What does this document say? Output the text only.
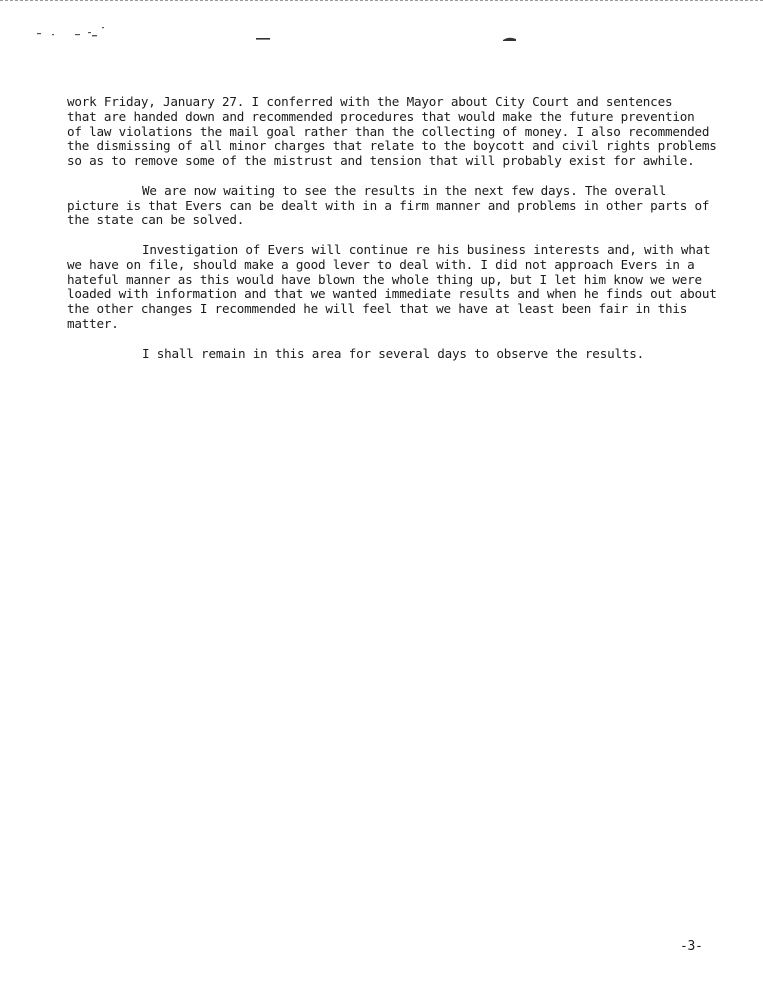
work Friday, January 27. I conferred with the Mayor about City Court and sentences
that are handed down and recommended procedures that would make the future prevention
of law violations the mail goal rather than the collecting of money. I also recommended
the dismissing of all minor charges that relate to the boycott and civil rights problems
so as to remove some of the mistrust and tension that will probably exist for awhile.

We are now waiting to see the results in the next few days. The overall
picture is that Evers can be dealt with in a firm manner and problems in other parts of
the state can be solved.

Investigation of Evers will continue re his business interests and, with what
we have on file, should make a good lever to deal with. I did not approach Evers in a
hateful manner as this would have blown the whole thing up, but I let him know we were
loaded with information and that we wanted immediate results and when he finds out about
the other changes I recommended he will feel that we have at least been fair in this
matter.

I shall remain in this area for several days to observe the results.

-3-
